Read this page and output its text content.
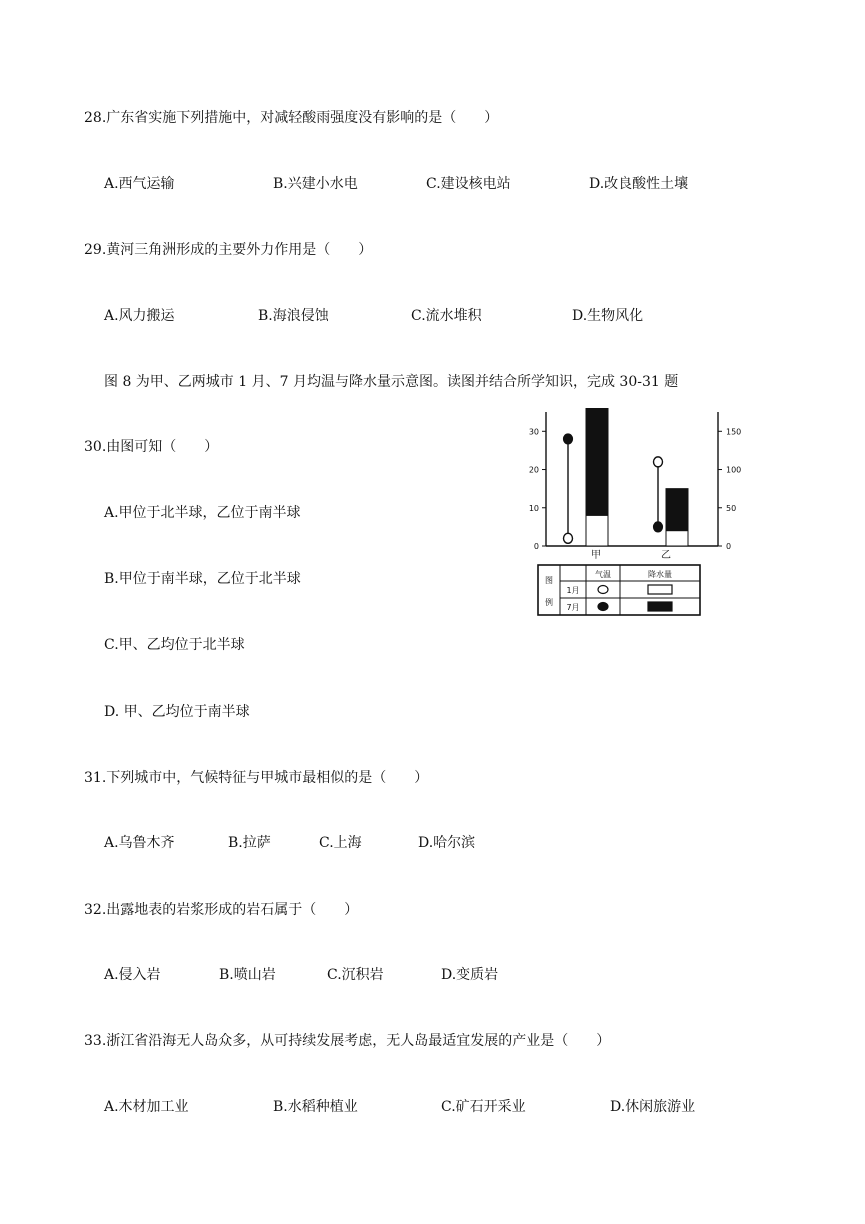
28.广东省实施下列措施中，对减轻酸雨强度没有影响的是（　　）
A.西气运输	B.兴建小水电	C.建设核电站	D.改良酸性土壤
29.黄河三角洲形成的主要外力作用是（　　）
A.风力搬运	B.海浪侵蚀	C.流水堆积	D.生物风化
图 8 为甲、乙两城市 1 月、7 月均温与降水量示意图。读图并结合所学知识，完成 30-31 题
30.由图可知（　　）
A.甲位于北半球，乙位于南半球
B.甲位于南半球，乙位于北半球
C.甲、乙均位于北半球
D. 甲、乙均位于南半球
31.下列城市中，气候特征与甲城市最相似的是（　　）
A.乌鲁木齐	B.拉萨	C.上海	D.哈尔滨
32.出露地表的岩浆形成的岩石属于（　　）
A.侵入岩	B.喷山岩	C.沉积岩	D.变质岩
33.浙江省沿海无人岛众多，从可持续发展考虑，无人岛最适宜发展的产业是（　　）
A.木材加工业	B.水稻种植业	C.矿石开采业	D.休闲旅游业
0
10
20
30
0
50
100
150
甲	乙
图
例
气温	降水量
1月
7月
